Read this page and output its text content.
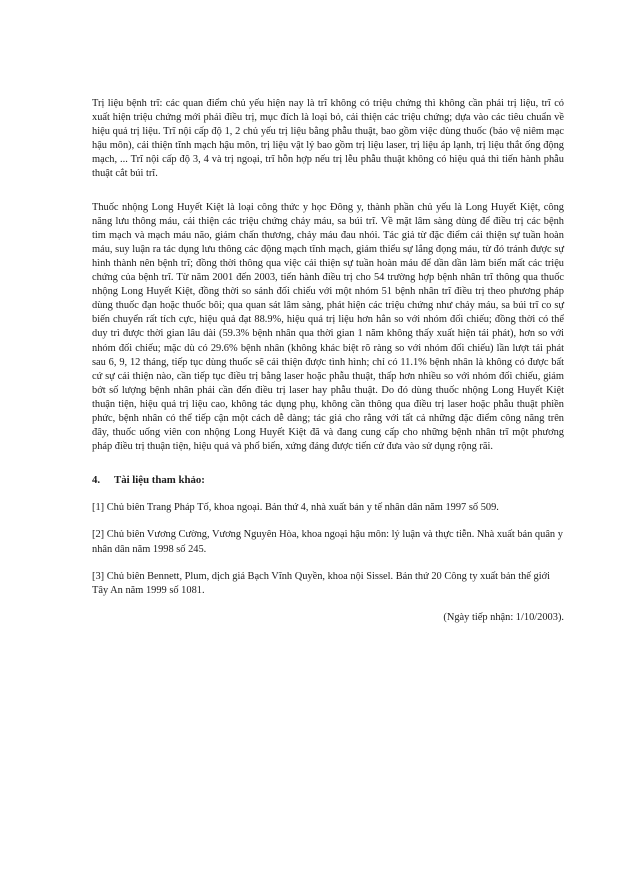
Trị liệu bệnh trĩ: các quan điểm chủ yếu hiện nay là trĩ không có triệu chứng thì không cần phải trị liệu, trĩ có xuất hiện triệu chứng mới phải điều trị, mục đích là loại bỏ, cải thiện các triệu chứng; dựa vào các tiêu chuẩn về hiệu quả trị liệu. Trĩ nội cấp độ 1, 2 chủ yếu trị liệu bằng phẫu thuật, bao gồm việc dùng thuốc (bảo vệ niêm mạc hậu môn), cải thiện tĩnh mạch hậu môn, trị liệu vật lý bao gồm trị liệu laser, trị liệu áp lạnh, trị liệu thắt ống động mạch, ... Trĩ nội cấp độ 3, 4 và trị ngoại, trĩ hỗn hợp nếu trị lễu phẫu thuật không có hiệu quả thì tiến hành phẫu thuật cắt búi trĩ.

Thuốc nhộng Long Huyết Kiệt là loại công thức y học Đông y, thành phần chủ yếu là Long Huyết Kiệt, công năng lưu thông máu, cải thiện các triệu chứng chảy máu, sa búi trĩ. Về mặt lâm sàng dùng để điều trị các bệnh tim mạch và mạch máu não, giảm chấn thương, chảy máu đau nhói. Tác giả từ đặc điểm cải thiện sự tuần hoàn máu, suy luận ra tác dụng lưu thông các động mạch tĩnh mạch, giảm thiểu sự lắng đọng máu, từ đó tránh được sự hình thành nên bệnh trĩ; đồng thời thông qua việc cải thiện sự tuần hoàn máu để dần dần làm biến mất các triệu chứng của bệnh trĩ. Từ năm 2001 đến 2003, tiến hành điều trị cho 54 trường hợp bệnh nhân trĩ thông qua thuốc nhộng Long Huyết Kiệt, đồng thời so sánh đối chiếu với một nhóm 51 bệnh nhân trĩ điều trị theo phương pháp dùng thuốc đạn hoặc thuốc bôi; qua quan sát lâm sàng, phát hiện các triệu chứng như chảy máu, sa búi trĩ co sự biến chuyển rất tích cực, hiệu quả đạt 88.9%, hiệu quả trị liệu hơn hẳn so với nhóm đối chiếu; đồng thời có thể duy trì được thời gian lâu dài (59.3% bệnh nhân qua thời gian 1 năm không thấy xuất hiện tái phát), hơn so với nhóm đối chiếu; mặc dù có 29.6% bệnh nhân (không khác biệt rõ ràng so với nhóm đối chiếu) lần lượt tái phát sau 6, 9, 12 tháng, tiếp tục dùng thuốc sẽ cải thiện được tình hình; chỉ có 11.1% bệnh nhân là không có được bất cứ sự cải thiện nào, cần tiếp tục điều trị bằng laser hoặc phẫu thuật, thấp hơn nhiều so với nhóm đối chiếu, giảm bớt số lượng bệnh nhân phải cần đến điều trị laser hay phẫu thuật. Do đó dùng thuốc nhộng Long Huyết Kiệt thuận tiện, hiệu quả trị liệu cao, không tác dụng phụ, không cần thông qua điều trị laser hoặc phẫu thuật phiền phức, bệnh nhân có thể tiếp cận một cách dễ dàng; tác giả cho rằng với tất cả những đặc điểm công năng trên đây, thuốc uống viên con nhộng Long Huyết Kiệt đã và đang cung cấp cho những bệnh nhân trĩ một phương pháp điều trị thuận tiện, hiệu quả và phổ biến, xứng đáng được tiến cử đưa vào sử dụng rộng rãi.

4. Tài liệu tham khảo:

[1] Chủ biên Trang Pháp Tố, khoa ngoại. Bản thứ 4, nhà xuất bản y tế nhân dân năm 1997 số 509.

[2] Chủ biên Vương Cường, Vương Nguyên Hòa, khoa ngoại hậu môn: lý luận và thực tiễn. Nhà xuất bản quân y nhân dân năm 1998 số 245.

[3] Chủ biên Bennett, Plum, dịch giả Bạch Vĩnh Quyền, khoa nội Sissel. Bản thứ 20 Công ty xuất bản thế giới Tây An năm 1999 số 1081.

(Ngày tiếp nhận: 1/10/2003).
